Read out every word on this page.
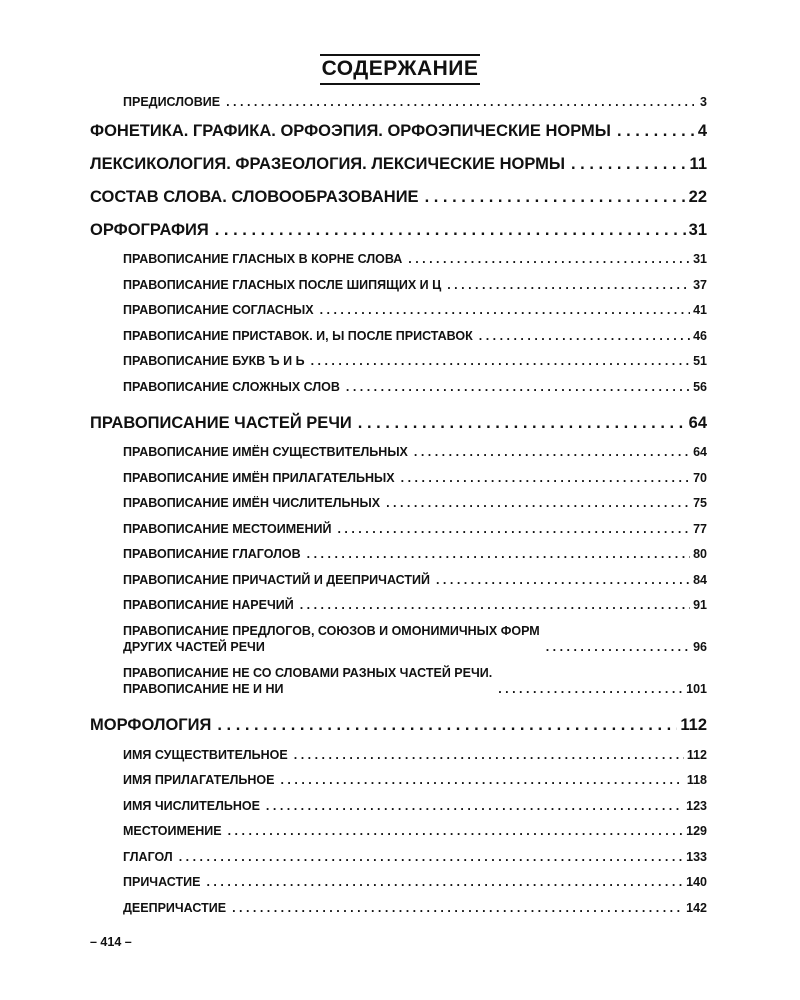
СОДЕРЖАНИЕ
ПРЕДИСЛОВИЕ . . .	3
ФОНЕТИКА. ГРАФИКА. ОРФОЭПИЯ. ОРФОЭПИЧЕСКИЕ НОРМЫ . . .	4
ЛЕКСИКОЛОГИЯ. ФРАЗЕОЛОГИЯ. ЛЕКСИЧЕСКИЕ НОРМЫ . . .	11
СОСТАВ СЛОВА. СЛОВООБРАЗОВАНИЕ . . .	22
ОРФОГРАФИЯ . . .	31
ПРАВОПИСАНИЕ ГЛАСНЫХ В КОРНЕ СЛОВА . . .	31
ПРАВОПИСАНИЕ ГЛАСНЫХ ПОСЛЕ ШИПЯЩИХ И Ц . . .	37
ПРАВОПИСАНИЕ СОГЛАСНЫХ . . .	41
ПРАВОПИСАНИЕ ПРИСТАВОК. И, Ы ПОСЛЕ ПРИСТАВОК . . .	46
ПРАВОПИСАНИЕ БУКВ Ъ И Ь . . .	51
ПРАВОПИСАНИЕ СЛОЖНЫХ СЛОВ . . .	56
ПРАВОПИСАНИЕ ЧАСТЕЙ РЕЧИ . . .	64
ПРАВОПИСАНИЕ ИМЁН СУЩЕСТВИТЕЛЬНЫХ . . .	64
ПРАВОПИСАНИЕ ИМЁН ПРИЛАГАТЕЛЬНЫХ . . .	70
ПРАВОПИСАНИЕ ИМЁН ЧИСЛИТЕЛЬНЫХ . . .	75
ПРАВОПИСАНИЕ МЕСТОИМЕНИЙ . . .	77
ПРАВОПИСАНИЕ ГЛАГОЛОВ . . .	80
ПРАВОПИСАНИЕ ПРИЧАСТИЙ И ДЕЕПРИЧАСТИЙ . . .	84
ПРАВОПИСАНИЕ НАРЕЧИЙ . . .	91
ПРАВОПИСАНИЕ ПРЕДЛОГОВ, СОЮЗОВ И ОМОНИМИЧНЫХ ФОРМ
ДРУГИХ ЧАСТЕЙ РЕЧИ . . .	96
ПРАВОПИСАНИЕ НЕ СО СЛОВАМИ РАЗНЫХ ЧАСТЕЙ РЕЧИ.
ПРАВОПИСАНИЕ НЕ И НИ . . .	101
МОРФОЛОГИЯ . . .	112
ИМЯ СУЩЕСТВИТЕЛЬНОЕ . . .	112
ИМЯ ПРИЛАГАТЕЛЬНОЕ . . .	118
ИМЯ ЧИСЛИТЕЛЬНОЕ . . .	123
МЕСТОИМЕНИЕ . . .	129
ГЛАГОЛ . . .	133
ПРИЧАСТИЕ . . .	140
ДЕЕПРИЧАСТИЕ . . .	142
– 414 –
